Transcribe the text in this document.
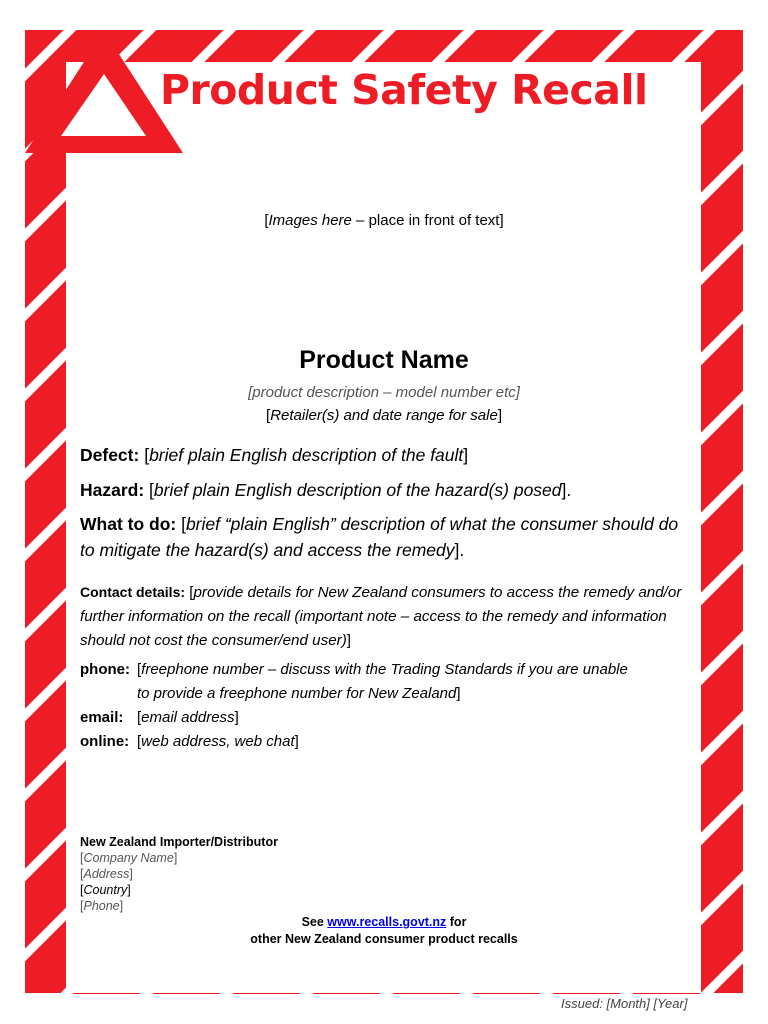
Product Safety Recall
[Images here – place in front of text]
Product Name
[product description – model number etc]
[Retailer(s) and date range for sale]
Defect: [brief plain English description of the fault]
Hazard: [brief plain English description of the hazard(s) posed].
What to do: [brief “plain English” description of what the consumer should do to mitigate the hazard(s) and access the remedy].
Contact details: [provide details for New Zealand consumers to access the remedy and/or further information on the recall (important note – access to the remedy and information should not cost the consumer/end user)]
phone: [freephone number – discuss with the Trading Standards if you are unable
to provide a freephone number for New Zealand]
email: [email address]
online: [web address, web chat]
New Zealand Importer/Distributor
[Company Name]
[Address]
[Country]
[Phone]
See www.recalls.govt.nz for
other New Zealand consumer product recalls
Issued: [Month] [Year]
